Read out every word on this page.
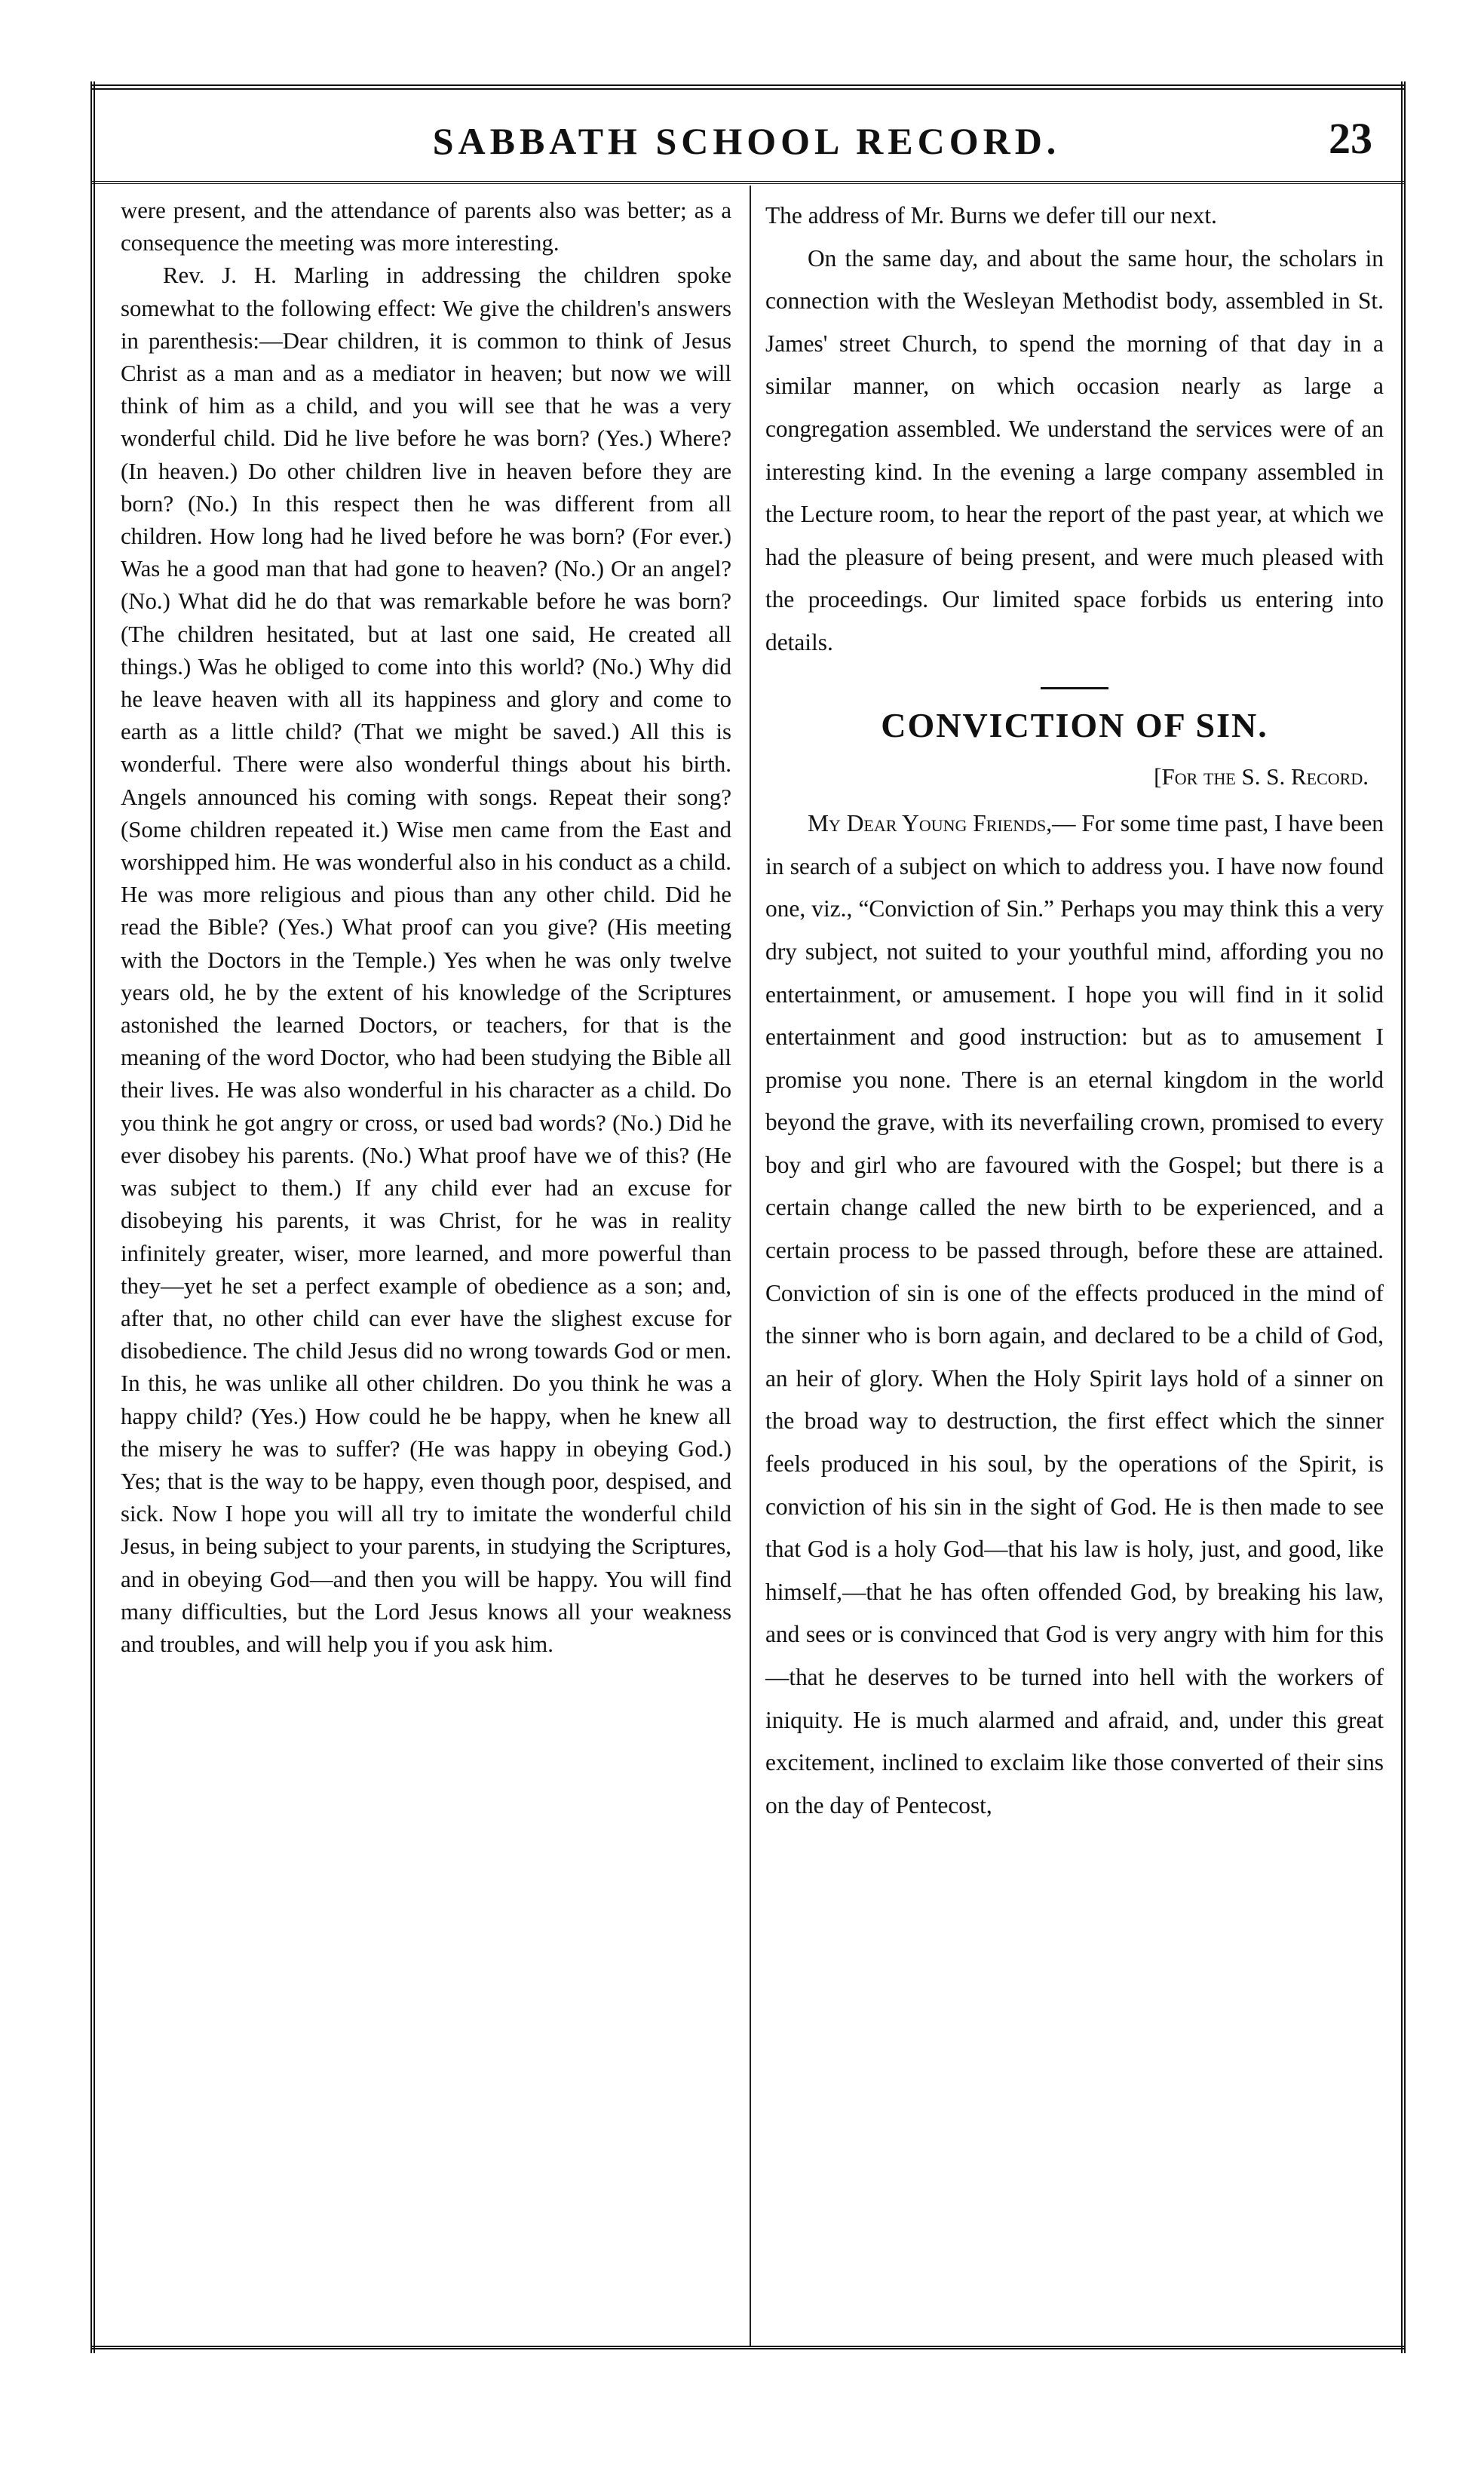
SABBATH SCHOOL RECORD.	23

were present, and the attendance of parents also was better; as a consequence the meeting was more interesting.

Rev. J. H. Marling in addressing the children spoke somewhat to the following effect: We give the children's answers in parenthesis:—Dear children, it is common to think of Jesus Christ as a man and as a mediator in heaven; but now we will think of him as a child, and you will see that he was a very wonderful child. Did he live before he was born? (Yes.) Where? (In heaven.) Do other children live in heaven before they are born? (No.) In this respect then he was different from all children. How long had he lived before he was born? (For ever.) Was he a good man that had gone to heaven? (No.) Or an angel? (No.) What did he do that was remarkable before he was born? (The children hesitated, but at last one said, He created all things.) Was he obliged to come into this world? (No.) Why did he leave heaven with all its happiness and glory and come to earth as a little child? (That we might be saved.) All this is wonderful. There were also wonderful things about his birth. Angels announced his coming with songs. Repeat their song? (Some children repeated it.) Wise men came from the East and worshipped him. He was wonderful also in his conduct as a child. He was more religious and pious than any other child. Did he read the Bible? (Yes.) What proof can you give? (His meeting with the Doctors in the Temple.) Yes when he was only twelve years old, he by the extent of his knowledge of the Scriptures astonished the learned Doctors, or teachers, for that is the meaning of the word Doctor, who had been studying the Bible all their lives. He was also wonderful in his character as a child. Do you think he got angry or cross, or used bad words? (No.) Did he ever disobey his parents. (No.) What proof have we of this? (He was subject to them.) If any child ever had an excuse for disobeying his parents, it was Christ, for he was in reality infinitely greater, wiser, more learned, and more powerful than they—yet he set a perfect example of obedience as a son; and, after that, no other child can ever have the slighest excuse for disobedience. The child Jesus did no wrong towards God or men. In this, he was unlike all other children. Do you think he was a happy child? (Yes.) How could he be happy, when he knew all the misery he was to suffer? (He was happy in obeying God.) Yes; that is the way to be happy, even though poor, despised, and sick. Now I hope you will all try to imitate the wonderful child Jesus, in being subject to your parents, in studying the Scriptures, and in obeying God—and then you will be happy. You will find many difficulties, but the Lord Jesus knows all your weakness and troubles, and will help you if you ask him.

The address of Mr. Burns we defer till our next.

On the same day, and about the same hour, the scholars in connection with the Wesleyan Methodist body, assembled in St. James' street Church, to spend the morning of that day in a similar manner, on which occasion nearly as large a congregation assembled. We understand the services were of an interesting kind. In the evening a large company assembled in the Lecture room, to hear the report of the past year, at which we had the pleasure of being present, and were much pleased with the proceedings. Our limited space forbids us entering into details.

CONVICTION OF SIN.
[For the S. S. Record.

My Dear Young Friends,— For some time past, I have been in search of a subject on which to address you. I have now found one, viz., “Conviction of Sin.” Perhaps you may think this a very dry subject, not suited to your youthful mind, affording you no entertainment, or amusement. I hope you will find in it solid entertainment and good instruction: but as to amusement I promise you none. There is an eternal kingdom in the world beyond the grave, with its neverfailing crown, promised to every boy and girl who are favoured with the Gospel; but there is a certain change called the new birth to be experienced, and a certain process to be passed through, before these are attained. Conviction of sin is one of the effects produced in the mind of the sinner who is born again, and declared to be a child of God, an heir of glory. When the Holy Spirit lays hold of a sinner on the broad way to destruction, the first effect which the sinner feels produced in his soul, by the operations of the Spirit, is conviction of his sin in the sight of God. He is then made to see that God is a holy God—that his law is holy, just, and good, like himself,—that he has often offended God, by breaking his law, and sees or is convinced that God is very angry with him for this—that he deserves to be turned into hell with the workers of iniquity. He is much alarmed and afraid, and, under this great excitement, inclined to exclaim like those converted of their sins on the day of Pentecost,
